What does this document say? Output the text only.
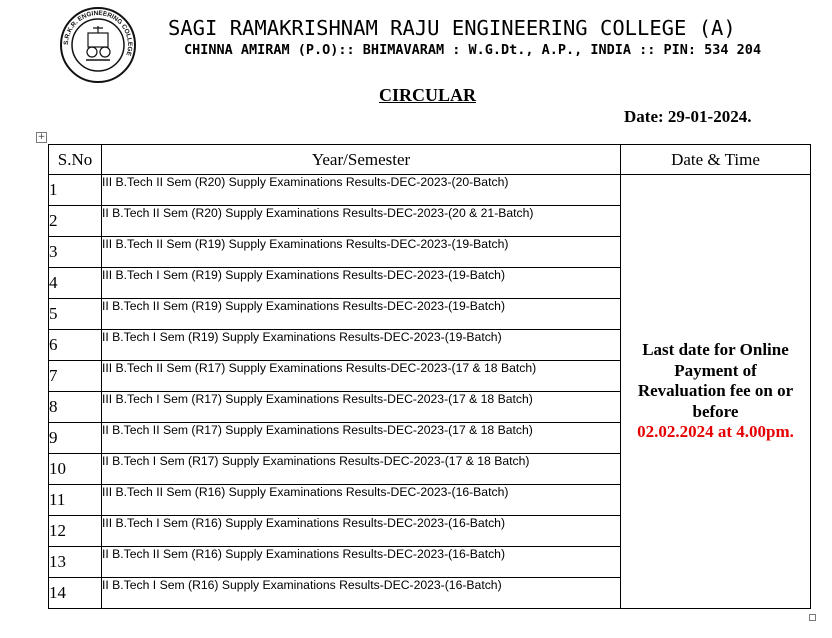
S.R.K.R. ENGINEERING COLLEGE
SAGI RAMAKRISHNAM RAJU ENGINEERING COLLEGE (A)
CHINNA AMIRAM (P.O):: BHIMAVARAM : W.G.Dt., A.P., INDIA :: PIN: 534 204
CIRCULAR
Date: 29-01-2024.
+
S.No	Year/Semester	Date & Time
1	III B.Tech II Sem (R20) Supply Examinations Results-DEC-2023-(20-Batch)	Last date for Online
Payment of
Revaluation fee on or
before
02.02.2024 at 4.00pm.

2	II B.Tech II Sem (R20) Supply Examinations Results-DEC-2023-(20 & 21-Batch)	
3	III B.Tech II Sem (R19) Supply Examinations Results-DEC-2023-(19-Batch)	
4	III B.Tech I Sem (R19) Supply Examinations Results-DEC-2023-(19-Batch)	
5	II B.Tech II Sem (R19) Supply Examinations Results-DEC-2023-(19-Batch)	
6	II B.Tech I Sem (R19) Supply Examinations Results-DEC-2023-(19-Batch)	
7	III B.Tech II Sem (R17) Supply Examinations Results-DEC-2023-(17 & 18 Batch)	
8	III B.Tech I Sem (R17) Supply Examinations Results-DEC-2023-(17 & 18 Batch)	
9	II B.Tech II Sem (R17) Supply Examinations Results-DEC-2023-(17 & 18 Batch)	
10	II B.Tech I Sem (R17) Supply Examinations Results-DEC-2023-(17 & 18 Batch)	
11	III B.Tech II Sem (R16) Supply Examinations Results-DEC-2023-(16-Batch)	
12	III B.Tech I Sem (R16) Supply Examinations Results-DEC-2023-(16-Batch)	
13	II B.Tech II Sem (R16) Supply Examinations Results-DEC-2023-(16-Batch)	
14	II B.Tech I Sem (R16) Supply Examinations Results-DEC-2023-(16-Batch)	
